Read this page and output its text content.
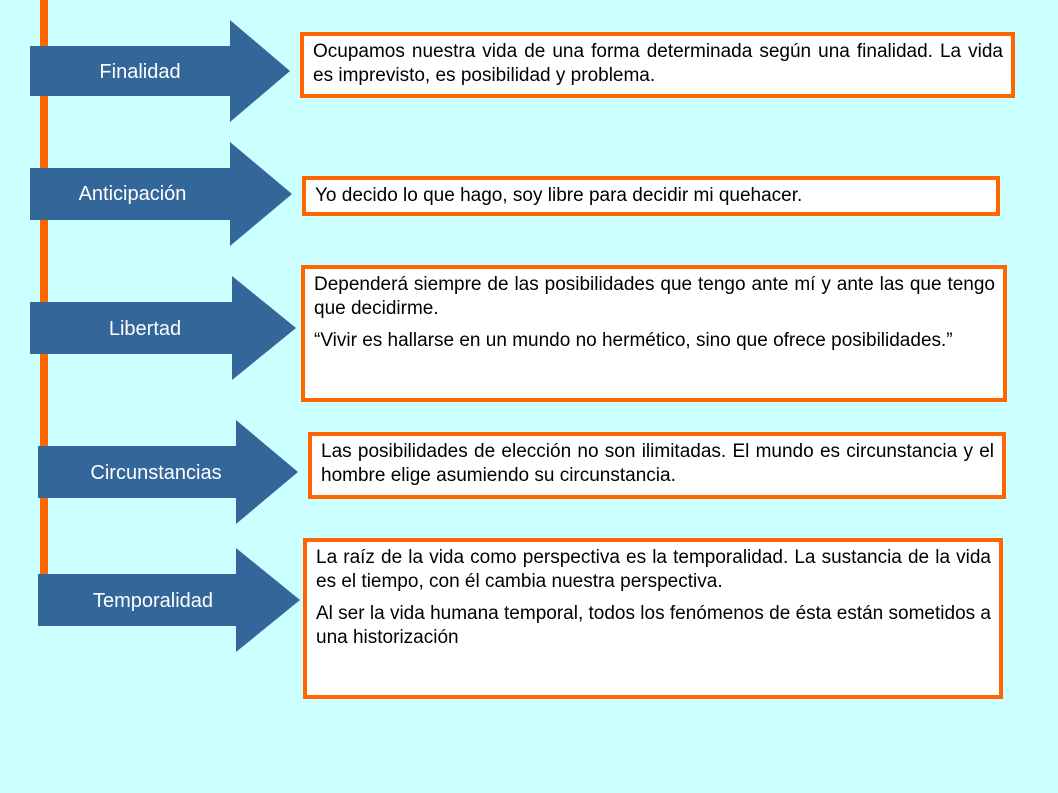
Finalidad

Ocupamos nuestra vida de una forma determinada según una finalidad. La vida es imprevisto, es posibilidad y problema.

Anticipación	Yo decido lo que hago, soy libre para decidir mi quehacer.

Libertad

Dependerá siempre de las posibilidades que tengo ante mí y ante las que tengo que decidirme.

“Vivir es hallarse en un mundo no hermético, sino que ofrece posibilidades.”

Circunstancias

Las posibilidades de elección no son ilimitadas. El mundo es circunstancia y el hombre elige asumiendo su circunstancia.

Temporalidad

La raíz de la vida como perspectiva es la temporalidad. La sustancia de la vida es el tiempo, con él cambia nuestra perspectiva.

Al ser la vida humana temporal, todos los fenómenos de ésta están sometidos a una historización
